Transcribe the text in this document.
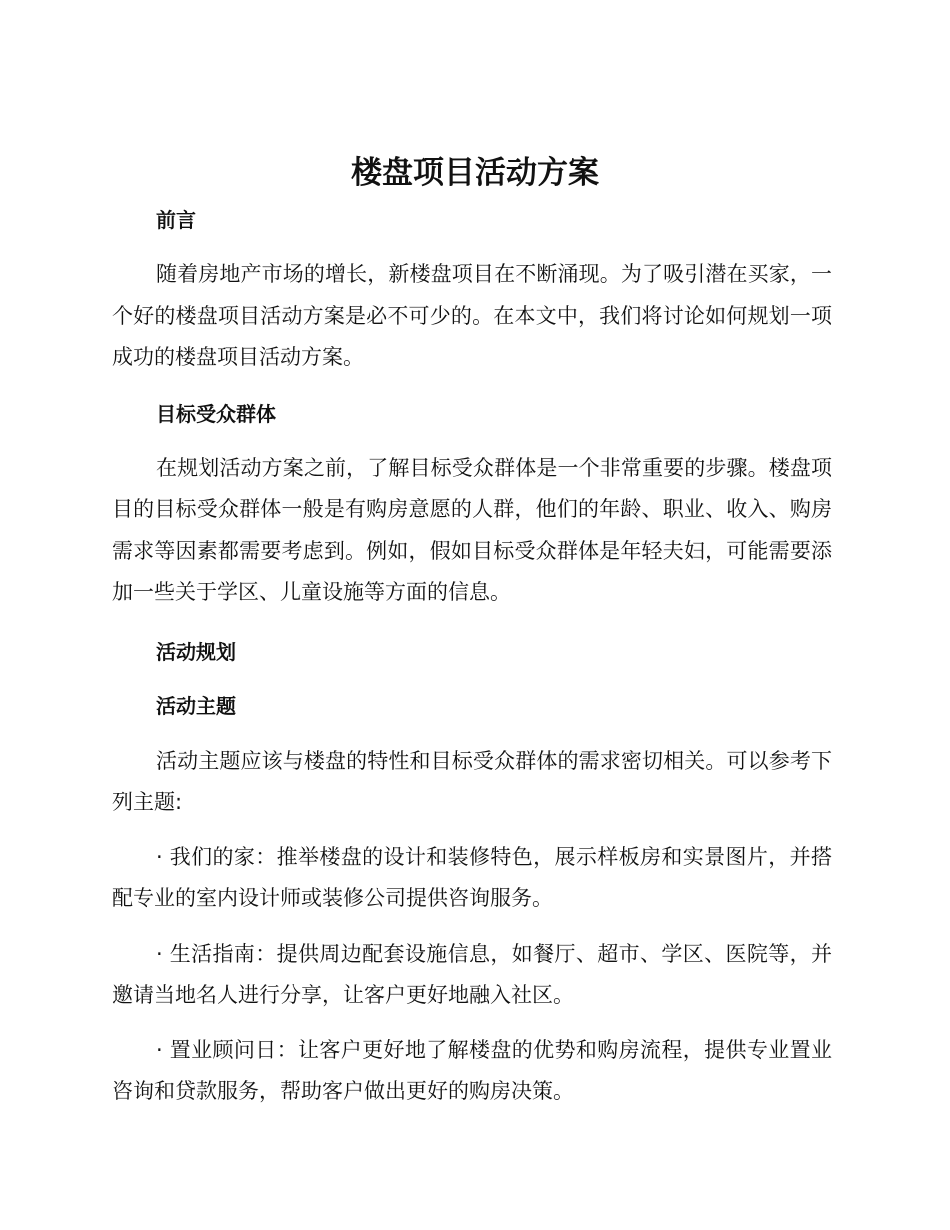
楼盘项目活动方案

前言

随着房地产市场的增长，新楼盘项目在不断涌现。为了吸引潜在买家，一个好的楼盘项目活动方案是必不可少的。在本文中，我们将讨论如何规划一项成功的楼盘项目活动方案。

目标受众群体

在规划活动方案之前，了解目标受众群体是一个非常重要的步骤。楼盘项目的目标受众群体一般是有购房意愿的人群，他们的年龄、职业、收入、购房需求等因素都需要考虑到。例如，假如目标受众群体是年轻夫妇，可能需要添加一些关于学区、儿童设施等方面的信息。

活动规划

活动主题

活动主题应该与楼盘的特性和目标受众群体的需求密切相关。可以参考下列主题:

· 我们的家：推举楼盘的设计和装修特色，展示样板房和实景图片，并搭配专业的室内设计师或装修公司提供咨询服务。

· 生活指南：提供周边配套设施信息，如餐厅、超市、学区、医院等，并邀请当地名人进行分享，让客户更好地融入社区。

· 置业顾问日：让客户更好地了解楼盘的优势和购房流程，提供专业置业咨询和贷款服务，帮助客户做出更好的购房决策。
